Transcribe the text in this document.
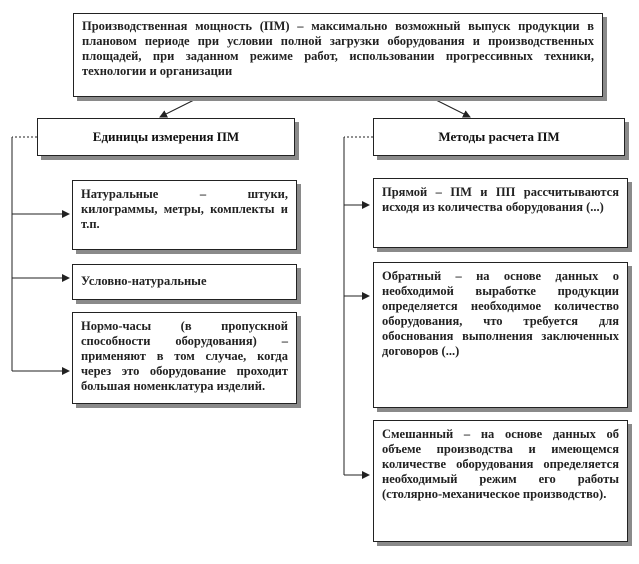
Производственная мощность (ПМ) – максимально возможный выпуск продукции в плановом периоде при условии полной загрузки оборудования и производственных площадей, при заданном режиме работ, использовании прогрессивных техники, технологии и организации
Единицы измерения ПМ	Методы расчета ПМ
Натуральные – штуки, килограммы, метры, комплекты и т.п.
Условно-натуральные
Нормо-часы (в пропускной способности оборудования) – применяют в том случае, когда через это оборудование проходит большая номенклатура изделий.
Прямой – ПМ и ПП рассчитываются исходя из количества оборудования (...)
Обратный – на основе данных о необходимой выработке продукции определяется необходимое количество оборудования, что требуется для обоснования выполнения заключенных договоров (...)
Смешанный – на основе данных об объеме производства и имеющемся количестве оборудования определяется необходимый режим его работы (столярно-механическое производство).
